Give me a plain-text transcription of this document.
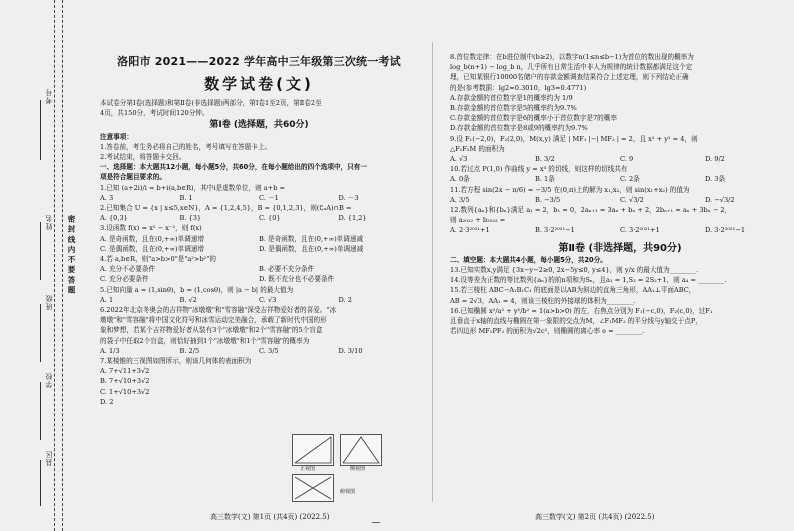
密 封 线 内 不 要 答 题
考号
姓名
班级
学校
县区
洛阳市 2021——2022 学年高中三年级第三次统一考试
数学试卷(文)
本试卷分第Ⅰ卷(选择题)和第Ⅱ卷(非选择题)两部分，第Ⅰ卷1至2页，第Ⅱ卷2至
4页，共150分，考试时间120分钟。
第Ⅰ卷 (选择题，共60分)
注意事项：
1.答卷前，考生务必将自己的姓名，考号填写在答题卡上。
2.考试结束，将答题卡交回。
一、选择题：本大题共12小题，每小题5分，共60分，在每小题给出的四个选项中，只有一
项是符合题目要求的。
1.已知 (a+2i)/i = b+i(a,b∈R)，其中i是虚数单位，则 a+b =
A. 3	B. 1	C. －1	D. －3
2.已知集合 U = {x | x≤5,x∈N}，A = {1,2,4,5}，B = {0,1,2,3}，则(∁ᵤA)∩B =
A. {0,3}	B. {3}	C. {0}	D. {1,2}
3.设函数 f(x) = x² − x⁻²，则 f(x)
A. 是奇函数，且在(0,+∞)单调递增	B. 是奇函数，且在(0,+∞)单调递减
C. 是偶函数，且在(0,+∞)单调递增	D. 是偶函数，且在(0,+∞)单调递减
4.若 a,b∈R，则"a>b>0"是"a²>b²"的
A. 充分不必要条件	B. 必要不充分条件
C. 充分必要条件	D. 既不充分也不必要条件
5.已知向量 a = (1,sinθ)，b = (1,cosθ)，则 |a − b| 的最大值为
A. 1	B. √2	C. √3	D. 2
6.2022年北京冬奥会的吉祥物"冰墩墩"和"雪容融"深受吉祥物爱好者的喜爱。"冰
墩墩"和"雪容融"将中国文化符号和冰雪运动完美融合，承载了新时代中国的形
象和梦想，若某个吉祥物爱好者从装有3个"冰墩墩"和2个"雪容融"的5个盲盒
的袋子中任取2个盲盒，则恰好抽到1个"冰墩墩"和1个"雪容融"的概率为
A. 1/3	B. 2/5	C. 3/5	D. 3/10
7.某棱锥的三视图如图所示，则该几何体的表面积为
A. 7+√11+3√2
B. 7+√10+3√2
C. 1+√10+3√2
D. 2
正视图	侧视图
俯视图
8.首位数定律：在b进位制中(b≥2)，以数字n(1≤n≤b−1)为首位的数出现的概率为
log_b(n+1) − log_b n，几乎所有日常生活中非人为规律的统计数据都满足这个定
理，已知某银行10000名储户的存款金额调查结果符合上述定理，则下列结论正确
的是(参考数据：lg2≈0.3010，lg3≈0.4771)
A.存款金额的首位数字是1的概率约为 1/9
B.存款金额的首位数字是5的概率约为9.7%
C.存款金额的首位数字是6的概率小于首位数字是7的概率
D.存款金额的首位数字是8或9的概率约为9.7%
9.设 F₁(−2,0)，F₂(2,0)，M(x,y) 满足 | MF₁ |−| MF₂ | = 2，且 x² + y² = 4，则
△F₁F₂M 的面积为
A. √3	B. 3/2	C. 9	D. 9/2
10.若过点 P(1,0) 作曲线 y = x³ 的切线，则这样的切线共有
A. 0条	B. 1条	C. 2条	D. 3条
11.若方程 sin(2x − π/6) = −3/5 在(0,π)上的解为 x₁,x₂，则 sin(x₁+x₂) 的值为
A. 3/5	B. −3/5	C. √3/2	D. −√3/2
12.数列{aₙ}和{bₙ}满足 a₁ = 2，b₁ = 0，2aₙ₊₁ = 3aₙ + bₙ + 2，2bₙ₊₁ = aₙ + 3bₙ − 2，
则 a₂₀₂₂ + b₂₀₂₂ =
A. 2·3²⁰²¹+1	B. 3·2²⁰²¹−1	C. 3·2²⁰²¹+1	D. 3·2²⁰²¹−1
第Ⅱ卷 (非选择题，共90分)
二、填空题：本大题共4小题，每小题5分，共20分。
13.已知实数x,y满足 {3x−y−2≥0, 2x−5y≤0, y≤4}，则 y/x 的最大值为________.
14.设等差为正数的等比数列{aₙ}的前n项和为Sₙ，且a₁ = 1,S₃ = 2S₂+1，则 a₄ = ________.
15.若三棱柱 ABC−A₁B₁C₁ 的底面是以AB为斜边的直角三角形，AA₁⊥平面ABC，
AB = 2√3，AA₁ = 4，则该三棱柱的外接球的体积为________.
16.已知椭圆 x²/a² + y²/b² = 1(a>b>0) 的左，右焦点分别为 F₁(−c,0)，F₂(c,0)，过F₁
且垂直于x轴的直线与椭圆在第一象限的交点为M，∠F₁MF₂ 的平分线与y轴交于点P，
若四边形 MF₁PF₂ 的面积为√2c²，则椭圆的离心率 e = ________.
高三数学(文) 第1页 (共4页) (2022.5)	高三数学(文) 第2页 (共4页) (2022.5)
